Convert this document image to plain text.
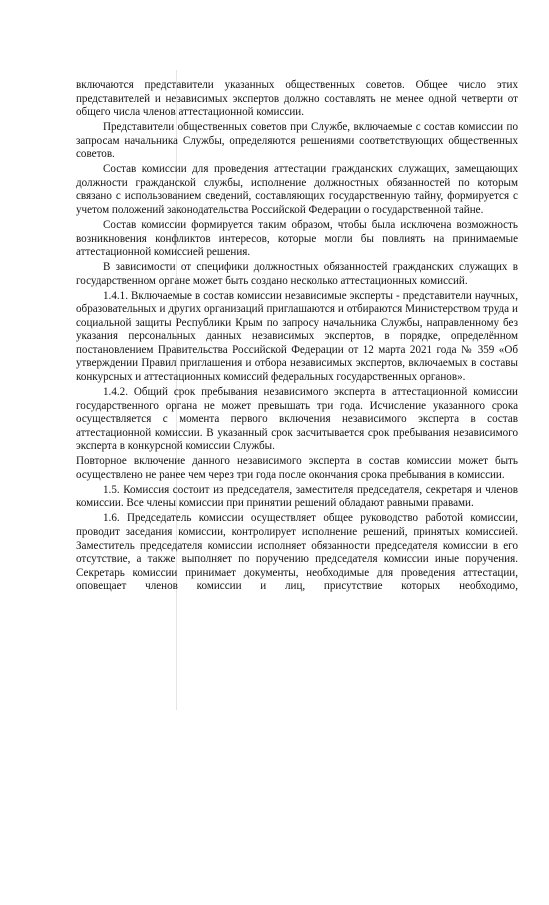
включаются представители указанных общественных советов. Общее число этих представителей и независимых экспертов должно составлять не менее одной четверти от общего числа членов аттестационной комиссии.

Представители общественных советов при Службе, включаемые с состав комиссии по запросам начальника Службы, определяются решениями соответствующих общественных советов.

Состав комиссии для проведения аттестации гражданских служащих, замещающих должности гражданской службы, исполнение должностных обязанностей по которым связано с использованием сведений, составляющих государственную тайну, формируется с учетом положений законодательства Российской Федерации о государственной тайне.

Состав комиссии формируется таким образом, чтобы была исключена возможность возникновения конфликтов интересов, которые могли бы повлиять на принимаемые аттестационной комиссией решения.

В зависимости от специфики должностных обязанностей гражданских служащих в государственном органе может быть создано несколько аттестационных комиссий.

1.4.1. Включаемые в состав комиссии независимые эксперты - представители научных, образовательных и других организаций приглашаются и отбираются Министерством труда и социальной защиты Республики Крым по запросу начальника Службы, направленному без указания персональных данных независимых экспертов, в порядке, определённом постановлением Правительства Российской Федерации от 12 марта 2021 года № 359 «Об утверждении Правил приглашения и отбора независимых экспертов, включаемых в составы конкурсных и аттестационных комиссий федеральных государственных органов».

1.4.2. Общий срок пребывания независимого эксперта в аттестационной комиссии государственного органа не может превышать три года. Исчисление указанного срока осуществляется с момента первого включения независимого эксперта в состав аттестационной комиссии. В указанный срок засчитывается срок пребывания независимого эксперта в конкурсной комиссии Службы.

Повторное включение данного независимого эксперта в состав комиссии может быть осуществлено не ранее чем через три года после окончания срока пребывания в комиссии.

1.5. Комиссия состоит из председателя, заместителя председателя, секретаря и членов комиссии. Все члены комиссии при принятии решений обладают равными правами.

1.6. Председатель комиссии осуществляет общее руководство работой комиссии, проводит заседания комиссии, контролирует исполнение решений, принятых комиссией. Заместитель председателя комиссии исполняет обязанности председателя комиссии в его отсутствие, а также выполняет по поручению председателя комиссии иные поручения. Секретарь комиссии принимает документы, необходимые для проведения аттестации, оповещает членов комиссии и лиц, присутствие которых необходимо,
